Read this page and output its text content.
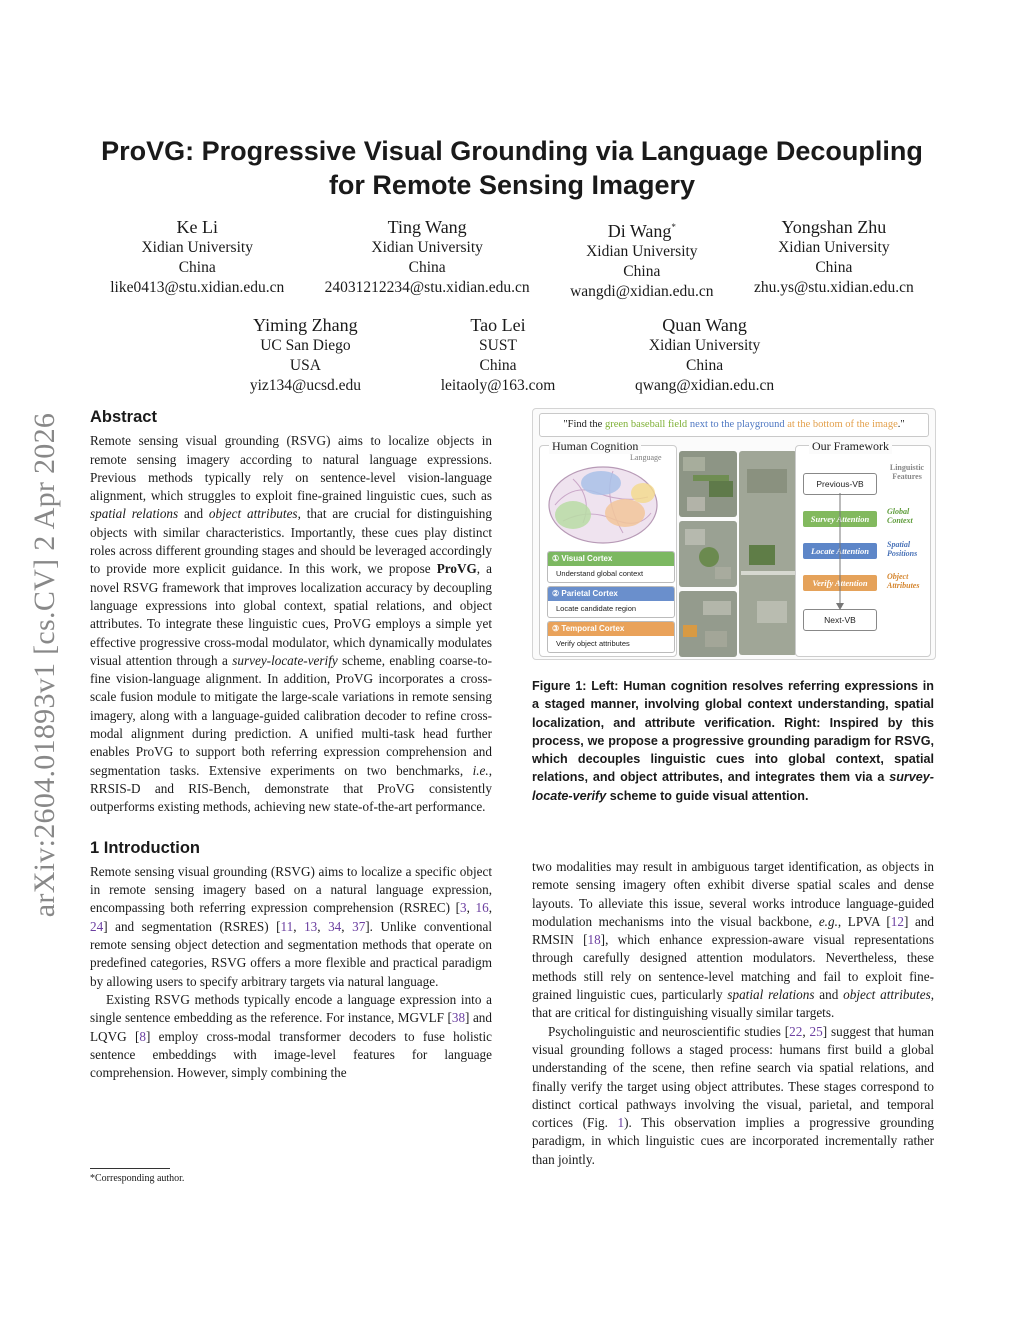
arXiv:2604.01893v1 [cs.CV] 2 Apr 2026
ProVG: Progressive Visual Grounding via Language Decoupling
for Remote Sensing Imagery
Ke Li
Xidian University
China
like0413@stu.xidian.edu.cn
Ting Wang
Xidian University
China
24031212234@stu.xidian.edu.cn
Di Wang*
Xidian University
China
wangdi@xidian.edu.cn
Yongshan Zhu
Xidian University
China
zhu.ys@stu.xidian.edu.cn
Yiming Zhang
UC San Diego
USA
yiz134@ucsd.edu
Tao Lei
SUST
China
leitaoly@163.com
Quan Wang
Xidian University
China
qwang@xidian.edu.cn
Abstract

Remote sensing visual grounding (RSVG) aims to localize objects in remote sensing imagery according to natural language expressions. Previous methods typically rely on sentence-level vision-language alignment, which struggles to exploit fine-grained linguistic cues, such as spatial relations and object attributes, that are crucial for distinguishing objects with similar characteristics. Importantly, these cues play distinct roles across different grounding stages and should be leveraged accordingly to provide more explicit guidance. In this work, we propose ProVG, a novel RSVG framework that improves localization accuracy by decoupling language expressions into global context, spatial relations, and object attributes. To integrate these linguistic cues, ProVG employs a simple yet effective progressive cross-modal modulator, which dynamically modulates visual attention through a survey-locate-verify scheme, enabling coarse-to-fine vision-language alignment. In addition, ProVG incorporates a cross-scale fusion module to mitigate the large-scale variations in remote sensing imagery, along with a language-guided calibration decoder to refine cross-modal alignment during prediction. A unified multi-task head further enables ProVG to support both referring expression comprehension and segmentation tasks. Extensive experiments on two benchmarks, i.e., RRSIS-D and RIS-Bench, demonstrate that ProVG consistently outperforms existing methods, achieving new state-of-the-art performance.

1 Introduction

Remote sensing visual grounding (RSVG) aims to localize a specific object in remote sensing imagery based on a natural language expression, encompassing both referring expression comprehension (RSREC) [3, 16, 24] and segmentation (RSRES) [11, 13, 34, 37]. Unlike conventional remote sensing object detection and segmentation methods that operate on predefined categories, RSVG offers a more flexible and practical paradigm by allowing users to specify arbitrary targets via natural language.

Existing RSVG methods typically encode a language expression into a single sentence embedding as the reference. For instance, MGVLF [38] and LQVG [8] employ cross-modal transformer decoders to fuse holistic sentence embeddings with image-level features for language comprehension. However, simply combining the

*Corresponding author.
"Find the green baseball field next to the playground at the bottom of the image."
Human Cognition
Language
① Visual Cortex
Understand global context
② Parietal Cortex
Locate candidate region
③ Temporal Cortex
Verify object attributes
Our Framework
Previous-VB
Survey Attention
Locate Attention
Verify Attention
Next-VB
Linguistic Features
Global
Context
Spatial
Positions
Object
Attributes
Figure 1: Left: Human cognition resolves referring expressions in a staged manner, involving global context understanding, spatial localization, and attribute verification. Right: Inspired by this process, we propose a progressive grounding paradigm for RSVG, which decouples linguistic cues into global context, spatial relations, and object attributes, and integrates them via a survey-locate-verify scheme to guide visual attention.

two modalities may result in ambiguous target identification, as objects in remote sensing imagery often exhibit diverse spatial scales and dense layouts. To alleviate this issue, several works introduce language-guided modulation mechanisms into the visual backbone, e.g., LPVA [12] and RMSIN [18], which enhance expression-aware visual representations through carefully designed attention modulators. Nevertheless, these methods still rely on sentence-level matching and fail to exploit fine-grained linguistic cues, particularly spatial relations and object attributes, that are critical for distinguishing visually similar targets.

Psycholinguistic and neuroscientific studies [22, 25] suggest that human visual grounding follows a staged process: humans first build a global understanding of the scene, then refine search via spatial relations, and finally verify the target using object attributes. These stages correspond to distinct cortical pathways involving the visual, parietal, and temporal cortices (Fig. 1). This observation implies a progressive grounding paradigm, in which linguistic cues are incorporated incrementally rather than jointly.
